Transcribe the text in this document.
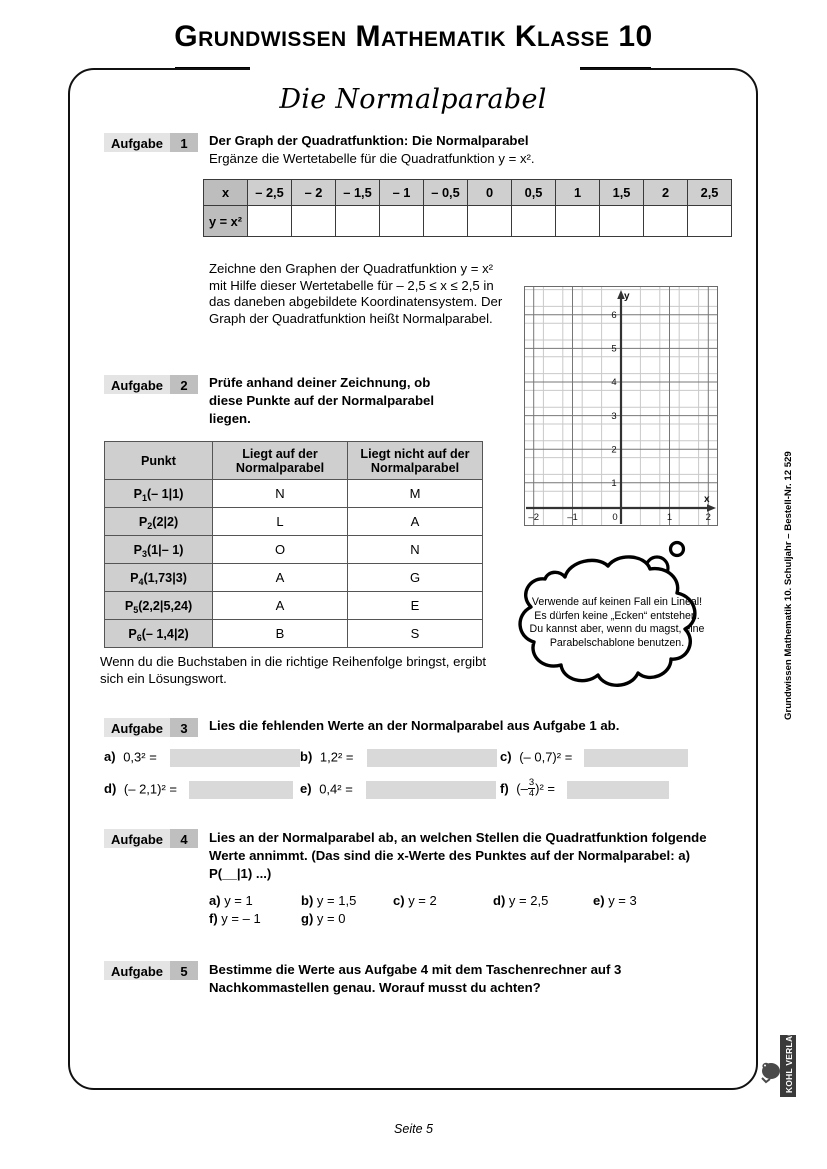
Grundwissen Mathematik Klasse 10
Die Normalparabel
Aufgabe	1	Der Graph der Quadratfunktion: Die Normalparabel
Ergänze die Wertetabelle für die Quadratfunktion y = x².
x	– 2,5	– 2	– 1,5	– 1	– 0,5	0	0,5	1	1,5	2	2,5
y = x²											
Zeichne den Graphen der Quadratfunktion y = x² mit Hilfe dieser Wertetabelle für – 2,5 ≤ x ≤ 2,5 in das daneben abgebildete Koordinatensystem. Der Graph der Quadratfunktion heißt Normalparabel.
y
x
–2	–1	0	1	2
1
2
3
4
5
6
Aufgabe	2	Prüfe anhand deiner Zeichnung, ob diese Punkte auf der Normalparabel liegen.
Punkt	Liegt auf der Normalparabel	Liegt nicht auf der Normalparabel
$P_1(-$ 1|1)	N	M
$P_2(2|2)$	L	A
$P_3(1|-$ 1)	O	N
$P_4(1,73|3)$	A	G
$P_5(2,2|5,24)$	A	E
$P_6(-$ 1,4|2)	B	S
Wenn du die Buchstaben in die richtige Reihenfolge bringst, ergibt sich ein Lösungswort.
Verwende auf keinen Fall ein Lineal! Es dürfen keine „Ecken“ entstehen. Du kannst aber, wenn du magst, eine Parabelschablone benutzen.
Aufgabe	3	Lies die fehlenden Werte an der Normalparabel aus Aufgabe 1 ab.
a) 0,3² =	b) 1,2² =	c) (– 0,7)² =
d) (– 2,1)² =	e) 0,4² =	f) (– $\frac{3}{4} )^2$ =
Aufgabe	4	Lies an der Normalparabel ab, an welchen Stellen die Quadratfunktion folgende Werte annimmt. (Das sind die x-Werte des Punktes auf der Normalparabel: a) P(__|1) ...)
a) y = 1	b) y = 1,5	c) y = 2	d) y = 2,5	e) y = 3
f) y = – 1	g) y = 0
Aufgabe	5	Bestimme die Werte aus Aufgabe 4 mit dem Taschenrechner auf 3 Nachkommastellen genau. Worauf musst du achten?
Grundwissen Mathematik 10. Schuljahr – Bestell-Nr. 12 529
KOHL VERLAG
Seite 5
